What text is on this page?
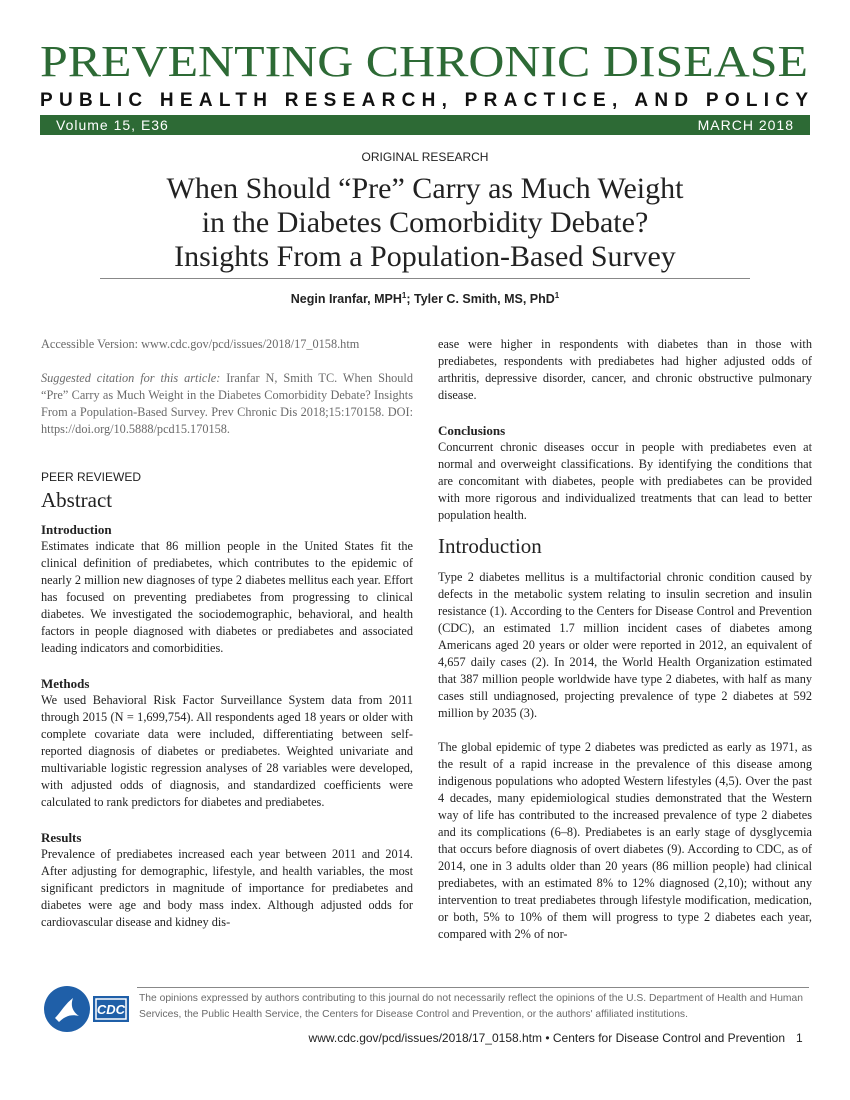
PREVENTING CHRONIC DISEASE
PUBLIC HEALTH RESEARCH, PRACTICE, AND POLICY
Volume 15, E36	MARCH 2018
ORIGINAL RESEARCH
When Should “Pre” Carry as Much Weight
in the Diabetes Comorbidity Debate?
Insights From a Population-Based Survey
Negin Iranfar, MPH$^1$; Tyler C. Smith, MS, PhD$^1$

Accessible Version: www.cdc.gov/pcd/issues/2018/17_0158.htm

Suggested citation for this article: Iranfar N, Smith TC. When Should “Pre” Carry as Much Weight in the Diabetes Comorbidity Debate? Insights From a Population-Based Survey. Prev Chronic Dis 2018;15:170158. DOI: https://doi.org/10.5888/pcd15.170158.

PEER REVIEWED

Abstract

Introduction

Estimates indicate that 86 million people in the United States fit the clinical definition of prediabetes, which contributes to the epidemic of nearly 2 million new diagnoses of type 2 diabetes mellitus each year. Effort has focused on preventing prediabetes from progressing to clinical diabetes. We investigated the sociodemographic, behavioral, and health factors in people diagnosed with diabetes or prediabetes and associated leading indicators and comorbidities.

Methods

We used Behavioral Risk Factor Surveillance System data from 2011 through 2015 (N = 1,699,754). All respondents aged 18 years or older with complete covariate data were included, differentiating between self-reported diagnosis of diabetes or prediabetes. Weighted univariate and multivariable logistic regression analyses of 28 variables were developed, with adjusted odds of diagnosis, and standardized coefficients were calculated to rank predictors for diabetes and prediabetes.

Results

Prevalence of prediabetes increased each year between 2011 and 2014. After adjusting for demographic, lifestyle, and health variables, the most significant predictors in magnitude of importance for prediabetes and diabetes were age and body mass index. Although adjusted odds for cardiovascular disease and kidney dis-

ease were higher in respondents with diabetes than in those with prediabetes, respondents with prediabetes had higher adjusted odds of arthritis, depressive disorder, cancer, and chronic obstructive pulmonary disease.

Conclusions

Concurrent chronic diseases occur in people with prediabetes even at normal and overweight classifications. By identifying the conditions that are concomitant with diabetes, people with prediabetes can be provided with more rigorous and individualized treatments that can lead to better population health.

Introduction

Type 2 diabetes mellitus is a multifactorial chronic condition caused by defects in the metabolic system relating to insulin secretion and insulin resistance (1). According to the Centers for Disease Control and Prevention (CDC), an estimated 1.7 million incident cases of diabetes among Americans aged 20 years or older were reported in 2012, an equivalent of 4,657 daily cases (2). In 2014, the World Health Organization estimated that 387 million people worldwide have type 2 diabetes, with half as many cases still undiagnosed, projecting prevalence of type 2 diabetes at 592 million by 2035 (3).

The global epidemic of type 2 diabetes was predicted as early as 1971, as the result of a rapid increase in the prevalence of this disease among indigenous populations who adopted Western lifestyles (4,5). Over the past 4 decades, many epidemiological studies demonstrated that the Western way of life has contributed to the increased prevalence of type 2 diabetes and its complications (6–8). Prediabetes is an early stage of dysglycemia that occurs before diagnosis of overt diabetes (9). According to CDC, as of 2014, one in 3 adults older than 20 years (86 million people) had clinical prediabetes, with an estimated 8% to 12% diagnosed (2,10); without any intervention to treat prediabetes through lifestyle modification, medication, or both, 5% to 10% of them will progress to type 2 diabetes each year, compared with 2% of nor-

CDC
The opinions expressed by authors contributing to this journal do not necessarily reflect the opinions of the U.S. Department of Health and Human Services, the Public Health Service, the Centers for Disease Control and Prevention, or the authors' affiliated institutions.
www.cdc.gov/pcd/issues/2018/17_0158.htm • Centers for Disease Control and Prevention 1
